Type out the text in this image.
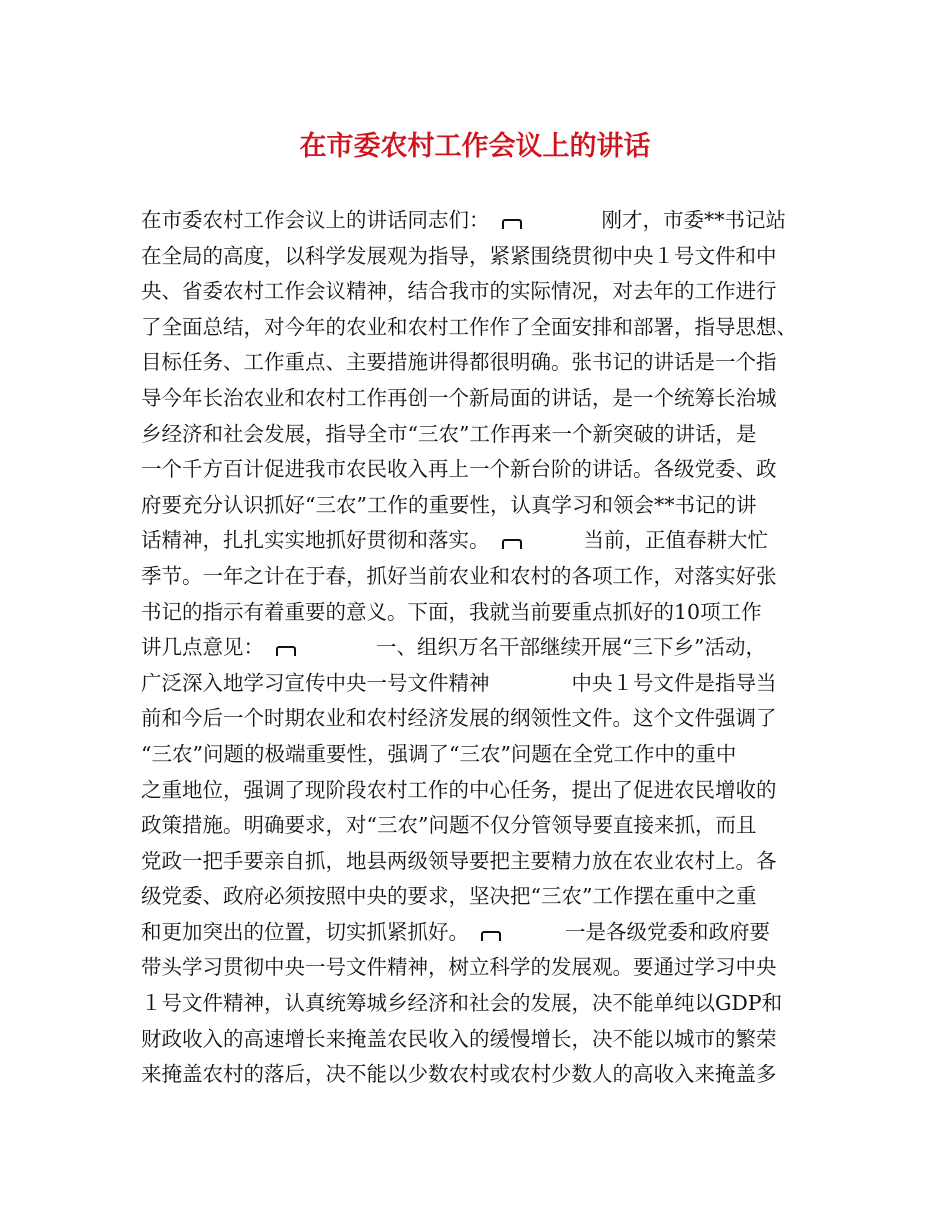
在市委农村工作会议上的讲话
在市委农村工作会议上的讲话同志们：	刚才，市委**书记站
在全局的高度，以科学发展观为指导，紧紧围绕贯彻中央１号文件和中
央、省委农村工作会议精神，结合我市的实际情况，对去年的工作进行
了全面总结，对今年的农业和农村工作作了全面安排和部署，指导思想、
目标任务、工作重点、主要措施讲得都很明确。张书记的讲话是一个指
导今年长治农业和农村工作再创一个新局面的讲话，是一个统筹长治城
乡经济和社会发展，指导全市“三农”工作再来一个新突破的讲话，是
一个千方百计促进我市农民收入再上一个新台阶的讲话。各级党委、政
府要充分认识抓好“三农”工作的重要性，认真学习和领会**书记的讲
话精神，扎扎实实地抓好贯彻和落实。	当前，正值春耕大忙
季节。一年之计在于春，抓好当前农业和农村的各项工作，对落实好张
书记的指示有着重要的意义。下面，我就当前要重点抓好的10项工作
讲几点意见：	一、组织万名干部继续开展“三下乡”活动，
广泛深入地学习宣传中央一号文件精神	中央１号文件是指导当
前和今后一个时期农业和农村经济发展的纲领性文件。这个文件强调了
“三农”问题的极端重要性，强调了“三农”问题在全党工作中的重中
之重地位，强调了现阶段农村工作的中心任务，提出了促进农民增收的
政策措施。明确要求，对“三农”问题不仅分管领导要直接来抓，而且
党政一把手要亲自抓，地县两级领导要把主要精力放在农业农村上。各
级党委、政府必须按照中央的要求，坚决把“三农”工作摆在重中之重
和更加突出的位置，切实抓紧抓好。	一是各级党委和政府要
带头学习贯彻中央一号文件精神，树立科学的发展观。要通过学习中央
１号文件精神，认真统筹城乡经济和社会的发展，决不能单纯以GDP和
财政收入的高速增长来掩盖农民收入的缓慢增长，决不能以城市的繁荣
来掩盖农村的落后，决不能以少数农村或农村少数人的高收入来掩盖多
